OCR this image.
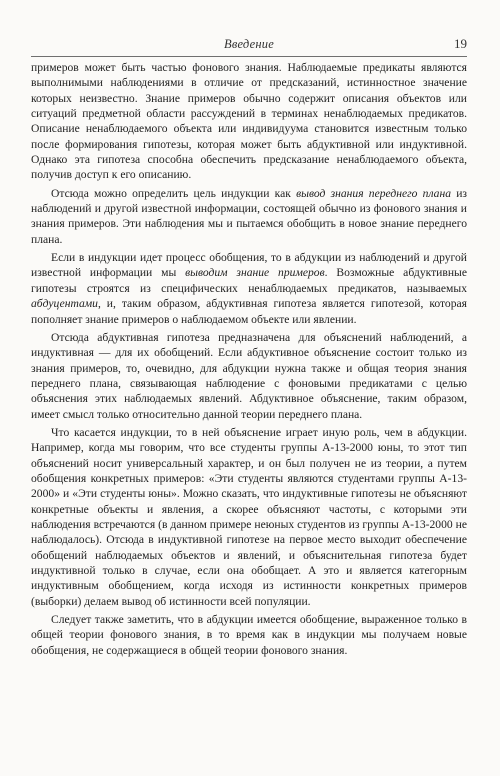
Введение	19

примеров может быть частью фонового знания. Наблюдаемые предикаты являются выполнимыми наблюдениями в отличие от предсказаний, истинностное значение которых неизвестно. Знание примеров обычно содержит описания объектов или ситуаций предметной области рассуждений в терминах ненаблюдаемых предикатов. Описание ненаблюдаемого объекта или индивидуума становится известным только после формирования гипотезы, которая может быть абдуктивной или индуктивной. Однако эта гипотеза способна обеспечить предсказание ненаблюдаемого объекта, получив доступ к его описанию.

Отсюда можно определить цель индукции как вывод знания переднего плана из наблюдений и другой известной информации, состоящей обычно из фонового знания и знания примеров. Эти наблюдения мы и пытаемся обобщить в новое знание переднего плана.

Если в индукции идет процесс обобщения, то в абдукции из наблюдений и другой известной информации мы выводим знание примеров. Возможные абдуктивные гипотезы строятся из специфических ненаблюдаемых предикатов, называемых абдуцентами, и, таким образом, абдуктивная гипотеза является гипотезой, которая пополняет знание примеров о наблюдаемом объекте или явлении.

Отсюда абдуктивная гипотеза предназначена для объяснений наблюдений, а индуктивная — для их обобщений. Если абдуктивное объяснение состоит только из знания примеров, то, очевидно, для абдукции нужна также и общая теория знания переднего плана, связывающая наблюдение с фоновыми предикатами с целью объяснения этих наблюдаемых явлений. Абдуктивное объяснение, таким образом, имеет смысл только относительно данной теории переднего плана.

Что касается индукции, то в ней объяснение играет иную роль, чем в абдукции. Например, когда мы говорим, что все студенты группы А-13-2000 юны, то этот тип объяснений носит универсальный характер, и он был получен не из теории, а путем обобщения конкретных примеров: «Эти студенты являются студентами группы А-13-2000» и «Эти студенты юны». Можно сказать, что индуктивные гипотезы не объясняют конкретные объекты и явления, а скорее объясняют частоты, с которыми эти наблюдения встречаются (в данном примере неюных студентов из группы А-13-2000 не наблюдалось). Отсюда в индуктивной гипотезе на первое место выходит обеспечение обобщений наблюдаемых объектов и явлений, и объяснительная гипотеза будет индуктивной только в случае, если она обобщает. А это и является категорным индуктивным обобщением, когда исходя из истинности конкретных примеров (выборки) делаем вывод об истинности всей популяции.

Следует также заметить, что в абдукции имеется обобщение, выраженное только в общей теории фонового знания, в то время как в индукции мы получаем новые обобщения, не содержащиеся в общей теории фонового знания.
